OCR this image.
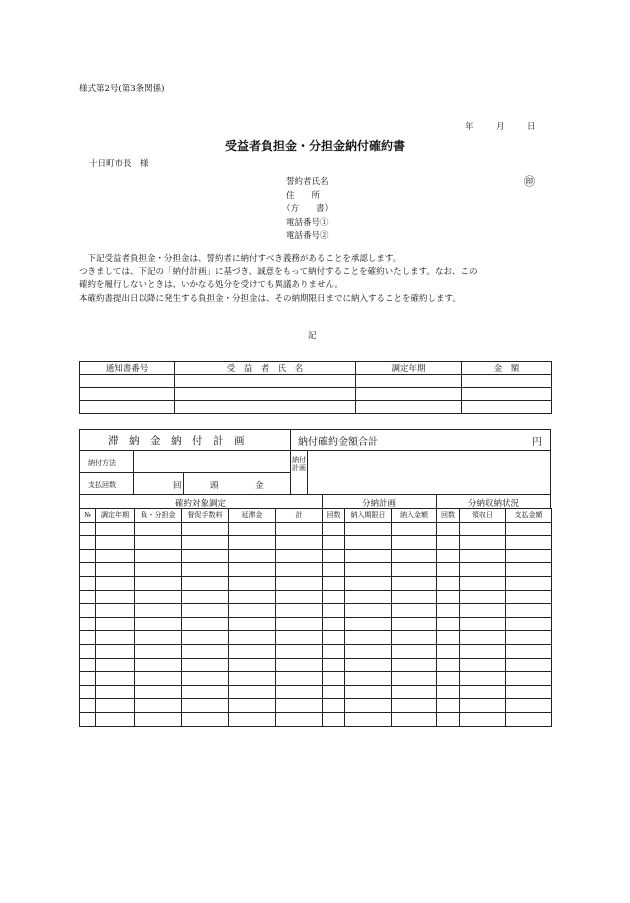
様式第2号(第3条関係)
年	月	日
受益者負担金・分担金納付確約書
十日町市長　様
誓約者氏名	㊞
住　　所
（方　　書）
電話番号①
電話番号②
　下記受益者負担金・分担金は、誓約者に納付すべき義務があることを承認します。
つきましては、下記の「納付計画」に基づき、誠意をもって納付することを確約いたします。なお、この
確約を履行しないときは、いかなる処分を受けても異議ありません。
本確約書提出日以降に発生する負担金・分担金は、その納期限日までに納入することを確約します。
記
通知書番号	受　益　者　氏　名	調定年期	金　額

滞　納　金　納　付　計　画	納付確約金額合計	円
納付方法
支払回数	回	頭	金
納付計画
確約対象調定	分納計画	分納収納状況
№	調定年期	負・分担金	督促手数料	延滞金	計	回数	納入期限日	納入金額	回数	領収日	支払金額
